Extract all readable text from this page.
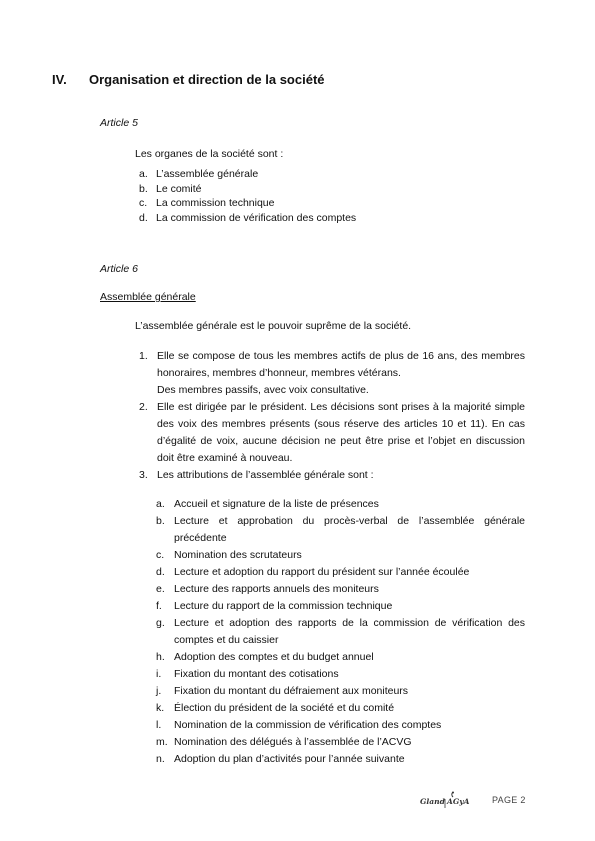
IV. Organisation et direction de la société
Article 5
Les organes de la société sont :
a. L’assemblée générale
b. Le comité
c. La commission technique
d. La commission de vérification des comptes
Article 6
Assemblée générale
L’assemblée générale est le pouvoir suprême de la société.
1. Elle se compose de tous les membres actifs de plus de 16 ans, des membres honoraires, membres d’honneur, membres vétérans.
Des membres passifs, avec voix consultative.
2. Elle est dirigée par le président. Les décisions sont prises à la majorité simple des voix des membres présents (sous réserve des articles 10 et 11). En cas d’égalité de voix, aucune décision ne peut être prise et l’objet en discussion doit être examiné à nouveau.
3. Les attributions de l’assemblée générale sont :
a. Accueil et signature de la liste de présences
b. Lecture et approbation du procès-verbal de l’assemblée générale précédente
c. Nomination des scrutateurs
d. Lecture et adoption du rapport du président sur l’année écoulée
e. Lecture des rapports annuels des moniteurs
f. Lecture du rapport de la commission technique
g. Lecture et adoption des rapports de la commission de vérification des comptes et du caissier
h. Adoption des comptes et du budget annuel
i. Fixation du montant des cotisations
j. Fixation du montant du défraiement aux moniteurs
k. Élection du président de la société et du comité
l. Nomination de la commission de vérification des comptes
m. Nomination des délégués à l’assemblée de l’ACVG
n. Adoption du plan d’activités pour l’année suivante
Gland AGyA	PAGE 2
